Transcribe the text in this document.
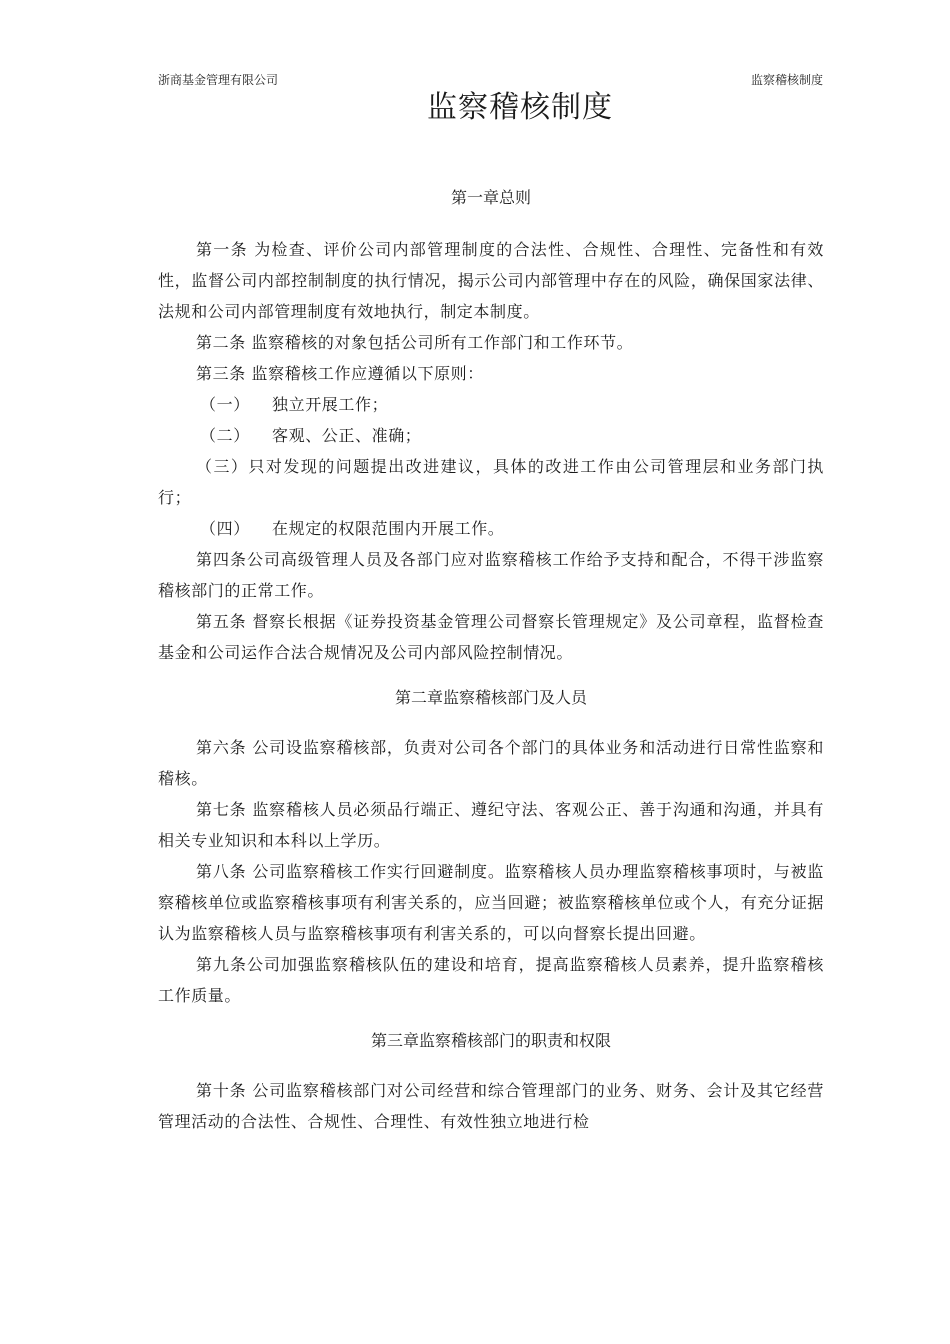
浙商基金管理有限公司	监察稽核制度
监察稽核制度

第一章总则

第一条 为检查、评价公司内部管理制度的合法性、合规性、合理性、完备性和有效性，监督公司内部控制制度的执行情况，揭示公司内部管理中存在的风险，确保国家法律、法规和公司内部管理制度有效地执行，制定本制度。

第二条 监察稽核的对象包括公司所有工作部门和工作环节。

第三条 监察稽核工作应遵循以下原则：

（一） 独立开展工作；

（二） 客观、公正、准确；

（三）只对发现的问题提出改进建议，具体的改进工作由公司管理层和业务部门执行；

（四） 在规定的权限范围内开展工作。

第四条公司高级管理人员及各部门应对监察稽核工作给予支持和配合，不得干涉监察稽核部门的正常工作。

第五条 督察长根据《证券投资基金管理公司督察长管理规定》及公司章程，监督检查基金和公司运作合法合规情况及公司内部风险控制情况。

第二章监察稽核部门及人员

第六条 公司设监察稽核部，负责对公司各个部门的具体业务和活动进行日常性监察和稽核。

第七条 监察稽核人员必须品行端正、遵纪守法、客观公正、善于沟通和沟通，并具有相关专业知识和本科以上学历。

第八条 公司监察稽核工作实行回避制度。监察稽核人员办理监察稽核事项时，与被监察稽核单位或监察稽核事项有利害关系的，应当回避；被监察稽核单位或个人，有充分证据认为监察稽核人员与监察稽核事项有利害关系的，可以向督察长提出回避。

第九条公司加强监察稽核队伍的建设和培育，提高监察稽核人员素养，提升监察稽核工作质量。

第三章监察稽核部门的职责和权限

第十条 公司监察稽核部门对公司经营和综合管理部门的业务、财务、会计及其它经营管理活动的合法性、合规性、合理性、有效性独立地进行检
